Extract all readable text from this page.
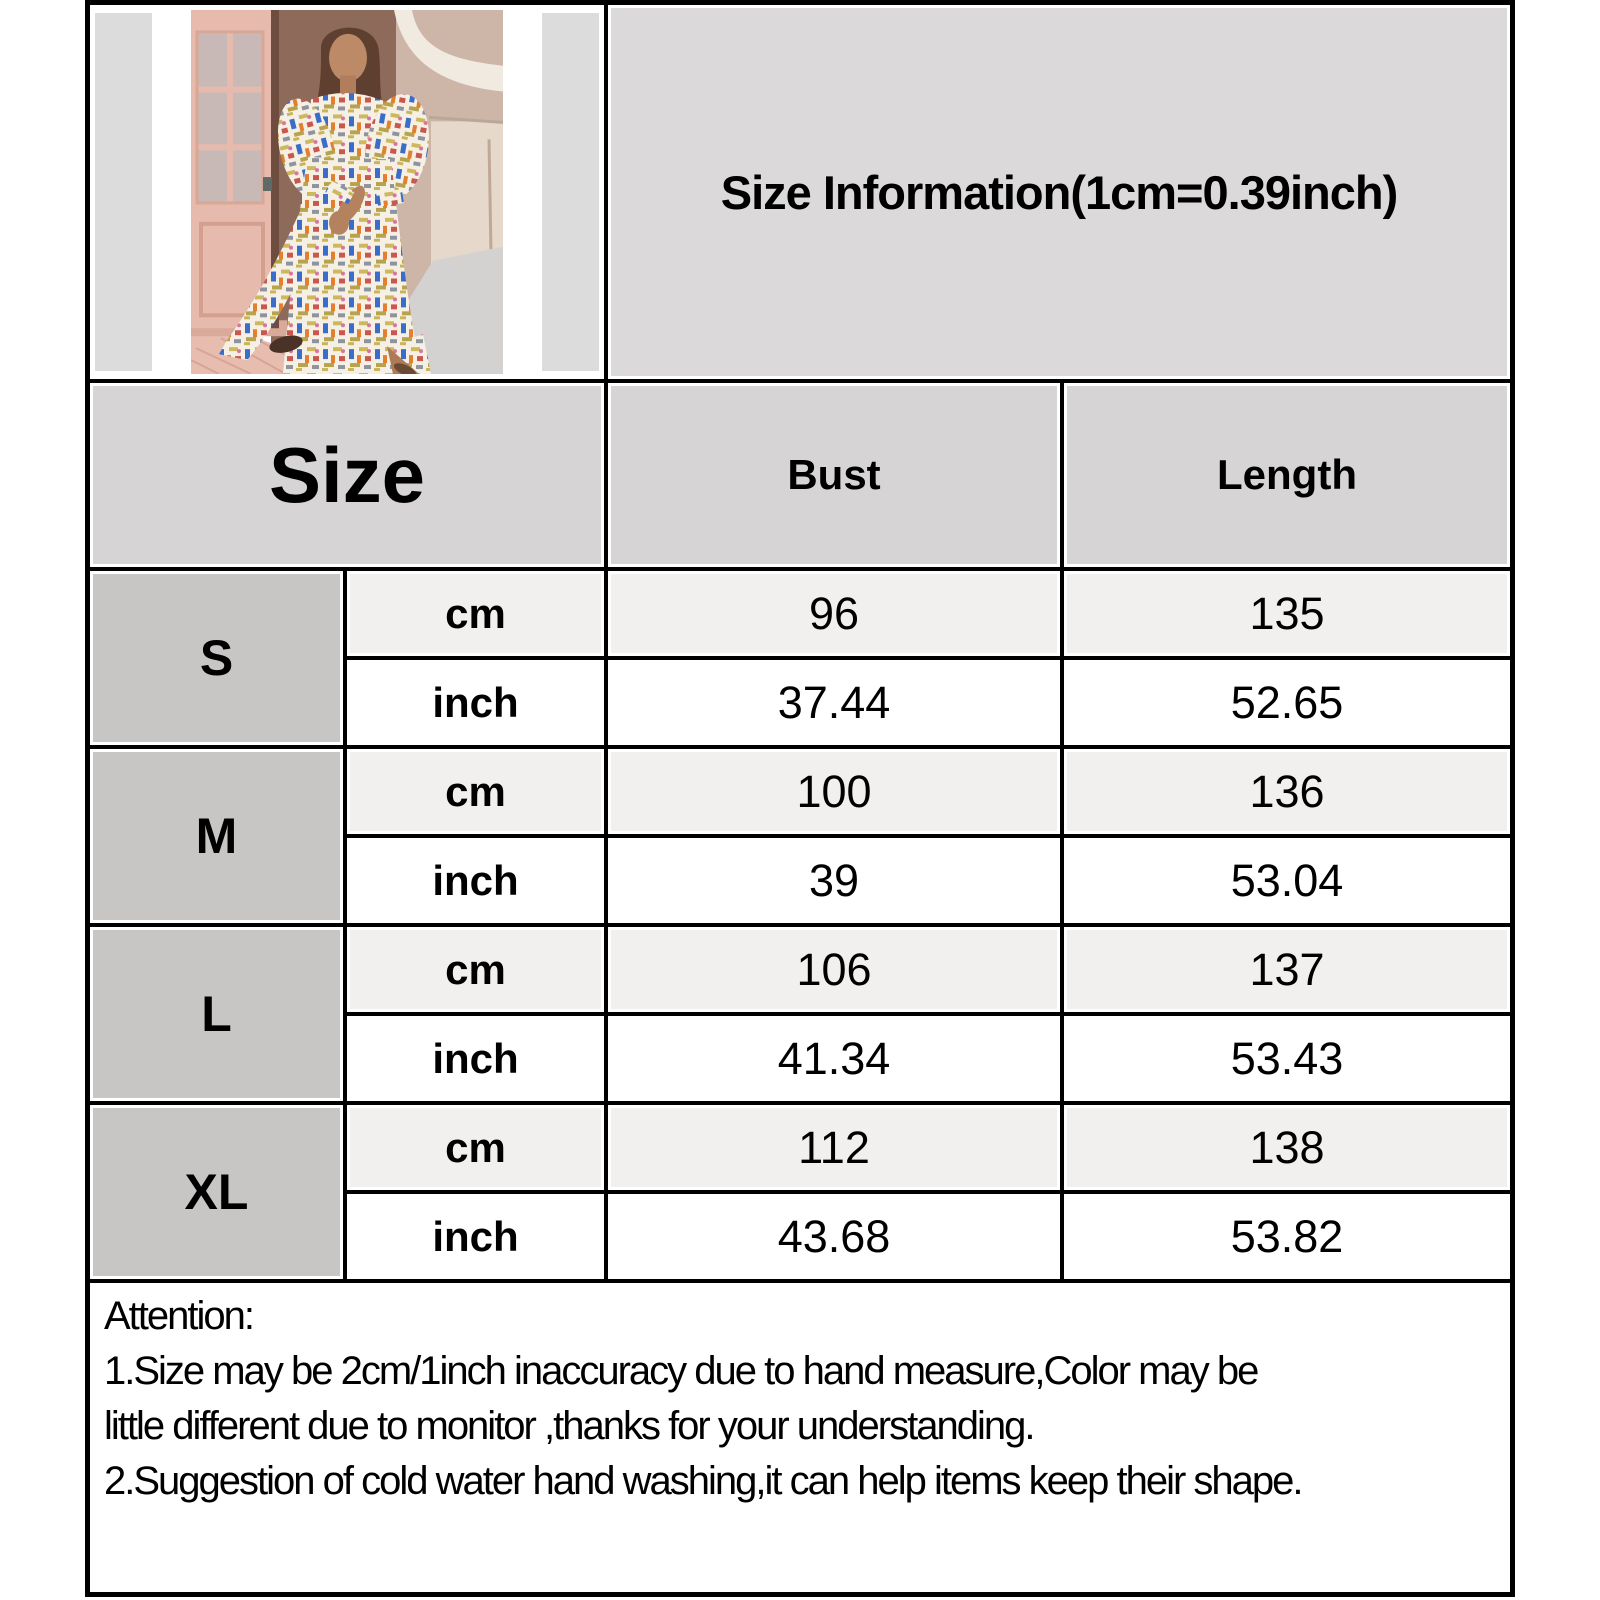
Size Information(1cm=0.39inch)
Size	Bust	Length
S
cm	96	135
inch	37.44	52.65
M
cm	100	136
inch	39	53.04
L
cm	106	137
inch	41.34	53.43
XL
cm	112	138
inch	43.68	53.82
Attention:
1.Size may be 2cm/1inch inaccuracy due to hand measure,Color may be
little different due to monitor ,thanks for your understanding.
2.Suggestion of cold water hand washing,it can help items keep their shape.
